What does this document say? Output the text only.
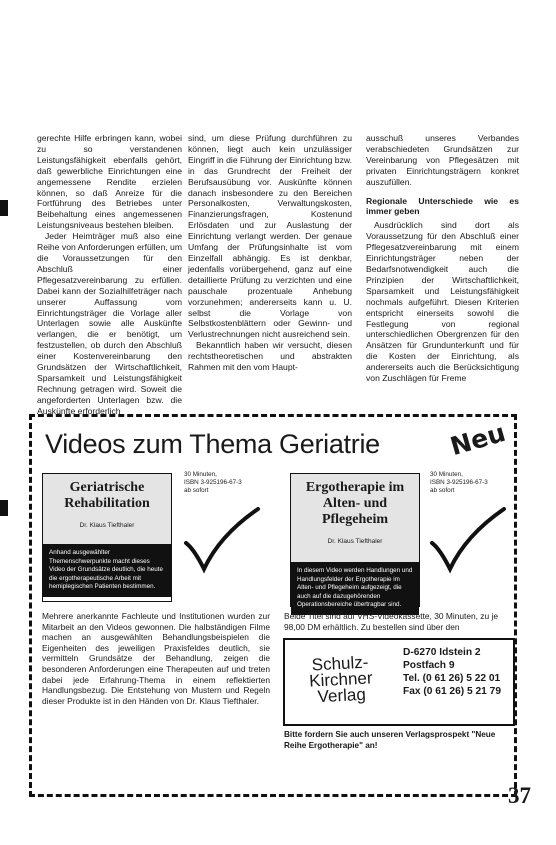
gerechte Hilfe erbringen kann, wobei zu so verstandenen Leistungsfähigkeit ebenfalls gehört, daß gewerbliche Einrichtungen eine angemessene Rendite erzielen können, so daß Anreize für die Fortführung des Betriebes unter Beibehaltung eines angemessenen Leistungsniveaus bestehen bleiben.

Jeder Heimträger muß also eine Reihe von Anforderungen erfüllen, um die Voraussetzungen für den Abschluß einer Pflegesatzvereinbarung zu erfüllen. Dabei kann der Sozialhilfeträger nach unserer Auffassung vom Einrichtungsträger die Vorlage aller Unterlagen sowie alle Auskünfte verlangen, die er benötigt, um festzustellen, ob durch den Abschluß einer Kostenvereinbarung den Grundsätzen der Wirtschaftlichkeit, Sparsamkeit und Leistungsfähigkeit Rechnung getragen wird. Soweit die angeforderten Unterlagen bzw. die Auskünfte erforderlich

sind, um diese Prüfung durchführen zu können, liegt auch kein unzulässiger Eingriff in die Führung der Einrichtung bzw. in das Grundrecht der Freiheit der Berufsausübung vor. Auskünfte können danach insbesondere zu den Bereichen Personalkosten, Verwaltungskosten, Finanzierungsfragen, Kostenund Erlösdaten und zur Auslastung der Einrichtung verlangt werden. Der genaue Umfang der Prüfungsinhalte ist vom Einzelfall abhängig. Es ist denkbar, jedenfalls vorübergehend, ganz auf eine detaillierte Prüfung zu verzichten und eine pauschale prozentuale Anhebung vorzunehmen; andererseits kann u. U. selbst die Vorlage von Selbstkostenblättern oder Gewinn- und Verlustrechnungen nicht ausreichend sein.

Bekanntlich haben wir versucht, diesen rechtstheoretischen und abstrakten Rahmen mit den vom Haupt-

ausschuß unseres Verbandes verabschiedeten Grundsätzen zur Vereinbarung von Pflegesätzen mit privaten Einrichtungsträgern konkret auszufüllen.

Regionale Unterschiede wie es immer geben

Ausdrücklich sind dort als Voraussetzung für den Abschluß einer Pflegesatzvereinbarung mit einem Einrichtungsträger neben der Bedarfsnotwendigkeit auch die Prinzipien der Wirtschaftlichkeit, Sparsamkeit und Leistungsfähigkeit nochmals aufgeführt. Diesen Kriterien entspricht einerseits sowohl die Festlegung von regional unterschiedlichen Obergrenzen für den Ansätzen für Grundunterkunft und für die Kosten der Einrichtung, als andererseits auch die Berücksichtigung von Zuschlägen für Freme

Videos zum Thema Geriatrie	Neu
Geriatrische Rehabilitation
Dr. Klaus Tiefthaler
Anhand ausgewählter Themenschwerpunkte macht dieses Video der Grundsätze deutlich, die heute die ergotherapeutische Arbeit mit hemiplegischen Patienten bestimmen.
30 Minuten,
ISBN 3-925196-67-3
ab sofort	Ergotherapie im Alten- und Pflegeheim
Dr. Klaus Tiefthaler
In diesem Video werden Handlungen und Handlungsfelder der Ergotherapie im Alten- und Pflegeheim aufgezeigt, die auch auf die dazugehörenden Operationsbereiche übertragbar sind.
30 Minuten,
ISBN 3-925196-67-3
ab sofort
Mehrere anerkannte Fachleute und Institutionen wurden zur Mitarbeit an den Videos gewonnen. Die halbständigen Filme machen an ausgewählten Behandlungsbeispielen die Eigenheiten des jeweiligen Praxisfeldes deutlich, sie vermitteln Grundsätze der Behandlung, zeigen die besonderen Anforderungen eine Therapeuten auf und treten dabei jede Erfahrung-Thema in einem reflektierten Handlungsbezug. Die Entstehung von Mustern und Regeln dieser Produkte ist in den Händen von Dr. Klaus Tiefthaler.
Beide Titel sind auf VHS-Videokassette, 30 Minuten, zu je 98,00 DM erhältlich. Zu bestellen sind über den
Schulz-
Kirchner
Verlag
D-6270 Idstein 2
Postfach 9
Tel. (0 61 26) 5 22 01
Fax (0 61 26) 5 21 79
Bitte fordern Sie auch unseren Verlagsprospekt "Neue Reihe Ergotherapie" an!
37
